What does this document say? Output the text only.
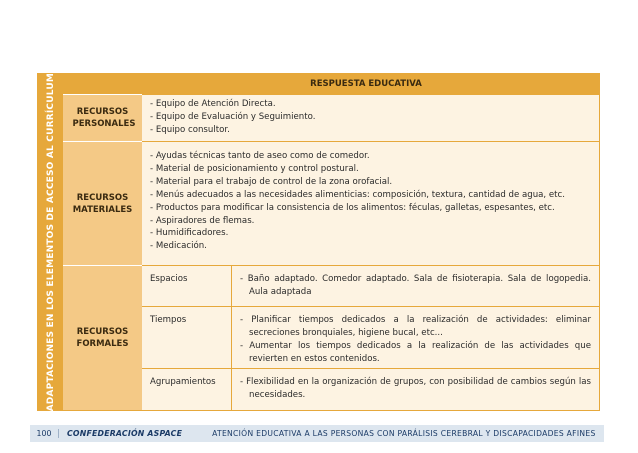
ADAPTACIONES EN LOS ELEMENTOS DE ACCESO AL CURRÍCULUM	RESPUESTA EDUCATIVA
RECURSOS PERSONALES
- Equipo de Atención Directa.
- Equipo de Evaluación y Seguimiento.
- Equipo consultor.
RECURSOS MATERIALES
- Ayudas técnicas tanto de aseo como de comedor.
- Material de posicionamiento y control postural.
- Material para el trabajo de control de la zona orofacial.
- Menús adecuados a las necesidades alimenticias: composición, textura, cantidad de agua, etc.
- Productos para modificar la consistencia de los alimentos: féculas, galletas, espesantes, etc.
- Aspiradores de flemas.
- Humidificadores.
- Medicación.
RECURSOS FORMALES
Espacios	- Baño adaptado. Comedor adaptado. Sala de fisioterapia. Sala de logopedia. Aula adaptada

Tiempos	- Planificar tiempos dedicados a la realización de actividades: eliminar secreciones bronquiales, higiene bucal, etc...

- Aumentar los tiempos dedicados a la realización de las actividades que revierten en estos contenidos.

Agrupamientos	- Flexibilidad en la organización de grupos, con posibilidad de cambios según las necesidades.

100	CONFEDERACIÓN ASPACE	ATENCIÓN EDUCATIVA A LAS PERSONAS CON PARÁLISIS CEREBRAL Y DISCAPACIDADES AFINES
